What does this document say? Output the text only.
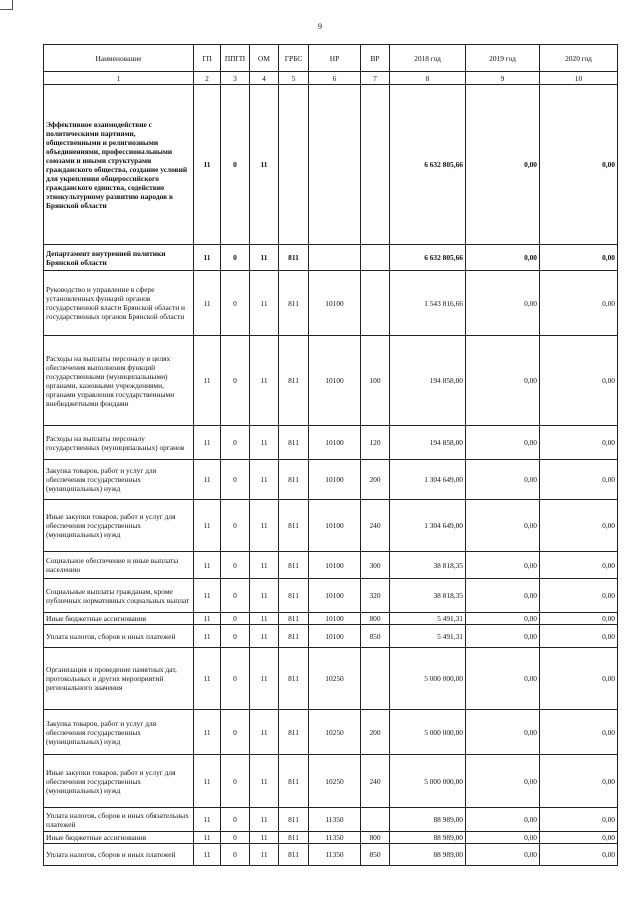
9
Наименование	ГП	ППГП	ОМ	ГРБС	НР	ВР	2018 год	2019 год	2020 год
1	2	3	4	5	6	7	8	9	10
Эффективное взаимодействие с политическими партиями, общественными и религиозными объединениями, профессиональными союзами и иными структурами гражданского общества, создание условий для укрепления общероссийского гражданского единства, содействие этнокультурному развитию народов в Брянской области	11	0	11				6 632 805,66	0,00	0,00
Департамент внутренней политики Брянской области	11	0	11	811			6 632 805,66	0,00	0,00
Руководство и управление в сфере установленных функций органов государственной власти Брянской области и государственных органов Брянской области	11	0	11	811	10100		1 543 816,66	0,00	0,00
Расходы на выплаты персоналу в целях обеспечения выполнения функций государственными (муниципальными) органами, казенными учреждениями, органами управления государственными внебюджетными фондами	11	0	11	811	10100	100	194 858,00	0,00	0,00
Расходы на выплаты персоналу государственных (муниципальных) органов	11	0	11	811	10100	120	194 858,00	0,00	0,00
Закупка товаров, работ и услуг для обеспечения государственных (муниципальных) нужд	11	0	11	811	10100	200	1 304 649,00	0,00	0,00
Иные закупки товаров, работ и услуг для обеспечения государственных (муниципальных) нужд	11	0	11	811	10100	240	1 304 649,00	0,00	0,00
Социальное обеспечение и иные выплаты населению	11	0	11	811	10100	300	38 818,35	0,00	0,00
Социальные выплаты гражданам, кроме публичных нормативных социальных выплат	11	0	11	811	10100	320	38 818,35	0,00	0,00
Иные бюджетные ассигнования	11	0	11	811	10100	800	5 491,31	0,00	0,00
Уплата налогов, сборов и иных платежей	11	0	11	811	10100	850	5 491,31	0,00	0,00
Организация и проведение памятных дат, протокольных и других мероприятий регионального значения	11	0	11	811	10250		5 000 000,00	0,00	0,00
Закупка товаров, работ и услуг для обеспечения государственных (муниципальных) нужд	11	0	11	811	10250	200	5 000 000,00	0,00	0,00
Иные закупки товаров, работ и услуг для обеспечения государственных (муниципальных) нужд	11	0	11	811	10250	240	5 000 000,00	0,00	0,00
Уплата налогов, сборов и иных обязательных платежей	11	0	11	811	11350		88 989,00	0,00	0,00
Иные бюджетные ассигнования	11	0	11	811	11350	800	88 989,00	0,00	0,00
Уплата налогов, сборов и иных платежей	11	0	11	811	11350	850	88 989,00	0,00	0,00
